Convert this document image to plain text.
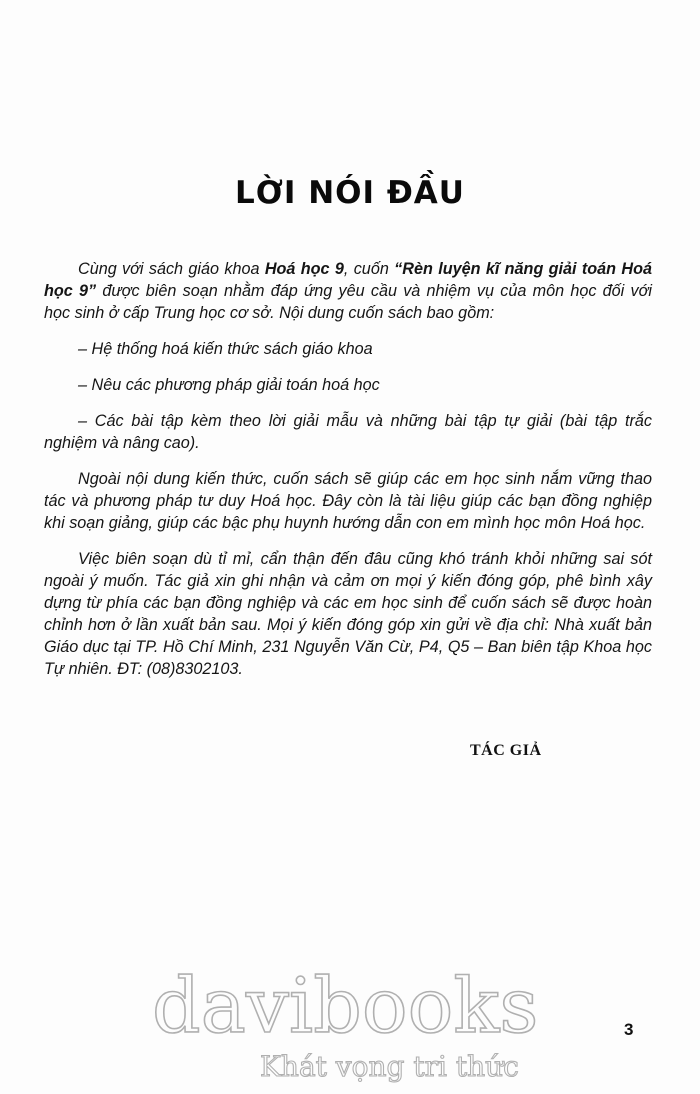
LỜI NÓI ĐẦU

Cùng với sách giáo khoa Hoá học 9, cuốn “Rèn luyện kĩ năng giải toán Hoá học 9” được biên soạn nhằm đáp ứng yêu cầu và nhiệm vụ của môn học đối với học sinh ở cấp Trung học cơ sở. Nội dung cuốn sách bao gồm:

– Hệ thống hoá kiến thức sách giáo khoa

– Nêu các phương pháp giải toán hoá học

– Các bài tập kèm theo lời giải mẫu và những bài tập tự giải (bài tập trắc nghiệm và nâng cao).

Ngoài nội dung kiến thức, cuốn sách sẽ giúp các em học sinh nắm vững thao tác và phương pháp tư duy Hoá học. Đây còn là tài liệu giúp các bạn đồng nghiệp khi soạn giảng, giúp các bậc phụ huynh hướng dẫn con em mình học môn Hoá học.

Việc biên soạn dù tỉ mỉ, cẩn thận đến đâu cũng khó tránh khỏi những sai sót ngoài ý muốn. Tác giả xin ghi nhận và cảm ơn mọi ý kiến đóng góp, phê bình xây dựng từ phía các bạn đồng nghiệp và các em học sinh để cuốn sách sẽ được hoàn chỉnh hơn ở lần xuất bản sau. Mọi ý kiến đóng góp xin gửi về địa chỉ: Nhà xuất bản Giáo dục tại TP. Hồ Chí Minh, 231 Nguyễn Văn Cừ, P4, Q5 – Ban biên tập Khoa học Tự nhiên. ĐT: (08)8302103.

TÁC GIẢ
davibooks
Khát vọng tri thức
3
